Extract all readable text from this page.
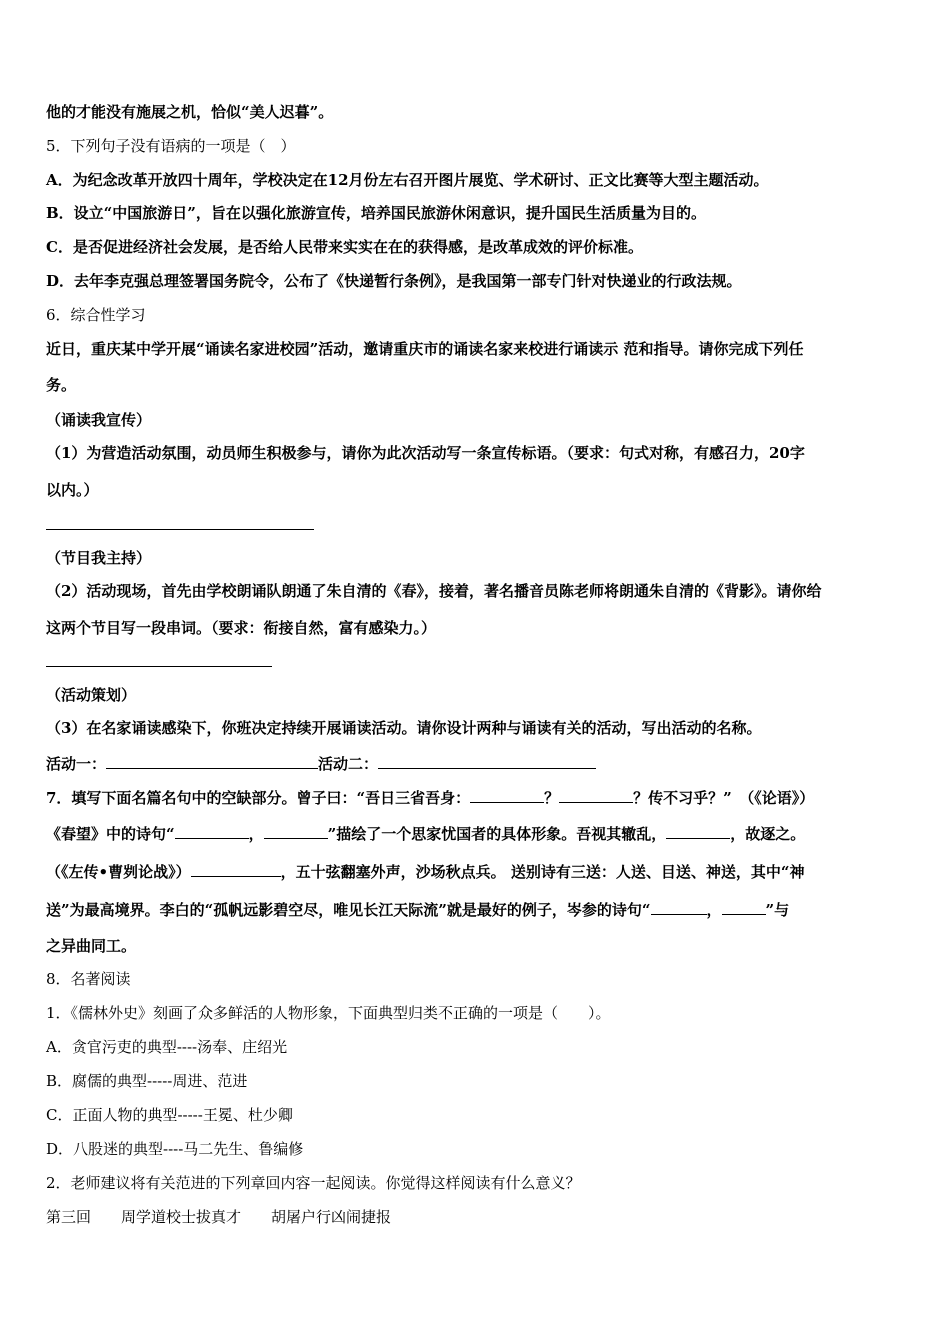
他的才能没有施展之机，恰似“美人迟暮”。
5．下列句子没有语病的一项是（　）
A．为纪念改革开放四十周年，学校决定在12月份左右召开图片展览、学术研讨、正文比赛等大型主题活动。
B．设立“中国旅游日”，旨在以强化旅游宣传，培养国民旅游休闲意识，提升国民生活质量为目的。
C．是否促进经济社会发展，是否给人民带来实实在在的获得感，是改革成效的评价标准。
D．去年李克强总理签署国务院令，公布了《快递暂行条例》，是我国第一部专门针对快递业的行政法规。
6．综合性学习
近日，重庆某中学开展“诵读名家进校园”活动，邀请重庆市的诵读名家来校进行诵读示 范和指导。请你完成下列任
务。
（诵读我宣传）
（1）为营造活动氛围，动员师生积极参与，请你为此次活动写一条宣传标语。（要求：句式对称，有感召力，20字
以内。）
（节目我主持）
（2）活动现场，首先由学校朗诵队朗通了朱自清的《春》，接着，著名播音员陈老师将朗通朱自清的《背影》。请你给
这两个节目写一段串词。（要求：衔接自然，富有感染力。）
（活动策划）
（3）在名家诵读感染下，你班决定持续开展诵读活动。请你设计两种与诵读有关的活动，写出活动的名称。
活动一：	活动二：
7．填写下面名篇名句中的空缺部分。曾子曰：“吾日三省吾身：	？	？传不习乎？”　（《论语》）
《春望》中的诗句“	，	”描绘了一个思家忧国者的具体形象。吾视其辙乱，	，故逐之。
（《左传•曹刿论战》）	，五十弦翻塞外声，沙场秋点兵。 送别诗有三送：人送、目送、神送，其中“神
送”为最高境界。李白的“孤帆远影碧空尽，唯见长江天际流”就是最好的例子，岑参的诗句“	，	”与
之异曲同工。
8．名著阅读
1．《儒林外史》刻画了众多鲜活的人物形象，下面典型归类不正确的一项是（　　）。
A．贪官污吏的典型----汤奉、庄绍光
B．腐儒的典型-----周进、范进
C．正面人物的典型-----王冕、杜少卿
D．八股迷的典型----马二先生、鲁编修
2．老师建议将有关范进的下列章回内容一起阅读。你觉得这样阅读有什么意义？
第三回　　周学道校士拔真才　　胡屠户行凶闹捷报
